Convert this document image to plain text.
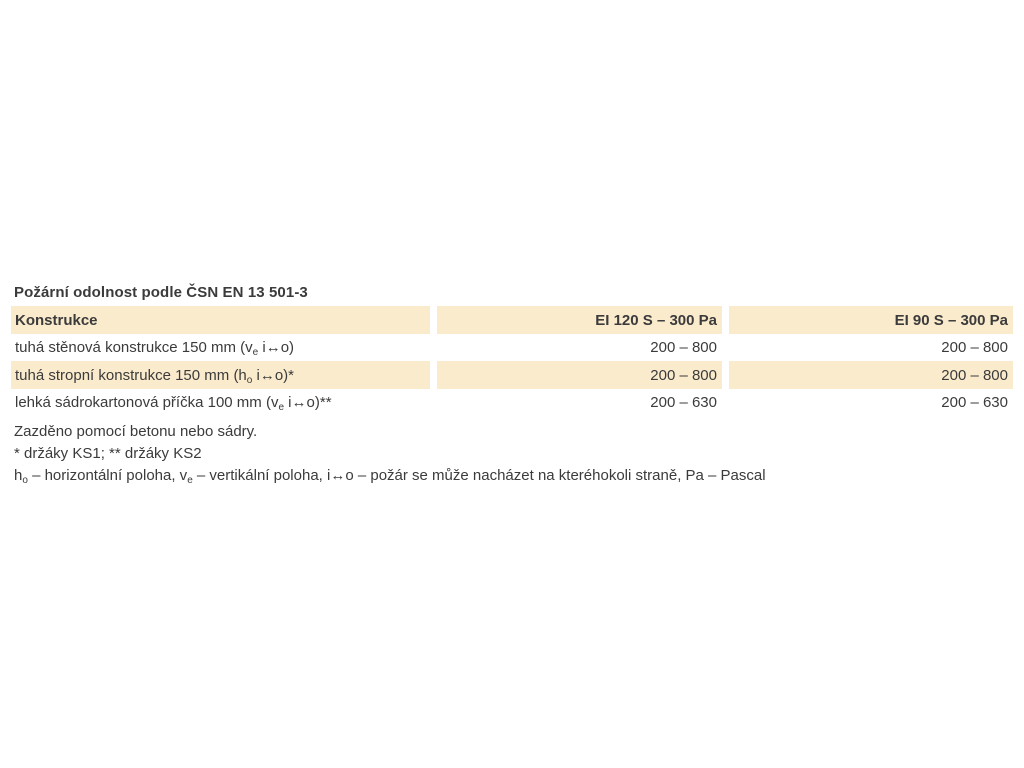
Požární odolnost podle ČSN EN 13 501-3
Konstrukce	EI 120 S – 300 Pa	EI 90 S – 300 Pa
tuhá stěnová konstrukce 150 mm ($v_e$ i↔o)	200 – 800	200 – 800
tuhá stropní konstrukce 150 mm ($h_o$ i↔o)*	200 – 800	200 – 800
lehká sádrokartonová příčka 100 mm ($v_e$ i↔o)**	200 – 630	200 – 630
Zazděno pomocí betonu nebo sádry.
* držáky KS1; ** držáky KS2
$h_o$ – horizontální poloha, $v_e$ – vertikální poloha, i↔o – požár se může nacházet na kteréhokoli straně, Pa – Pascal
